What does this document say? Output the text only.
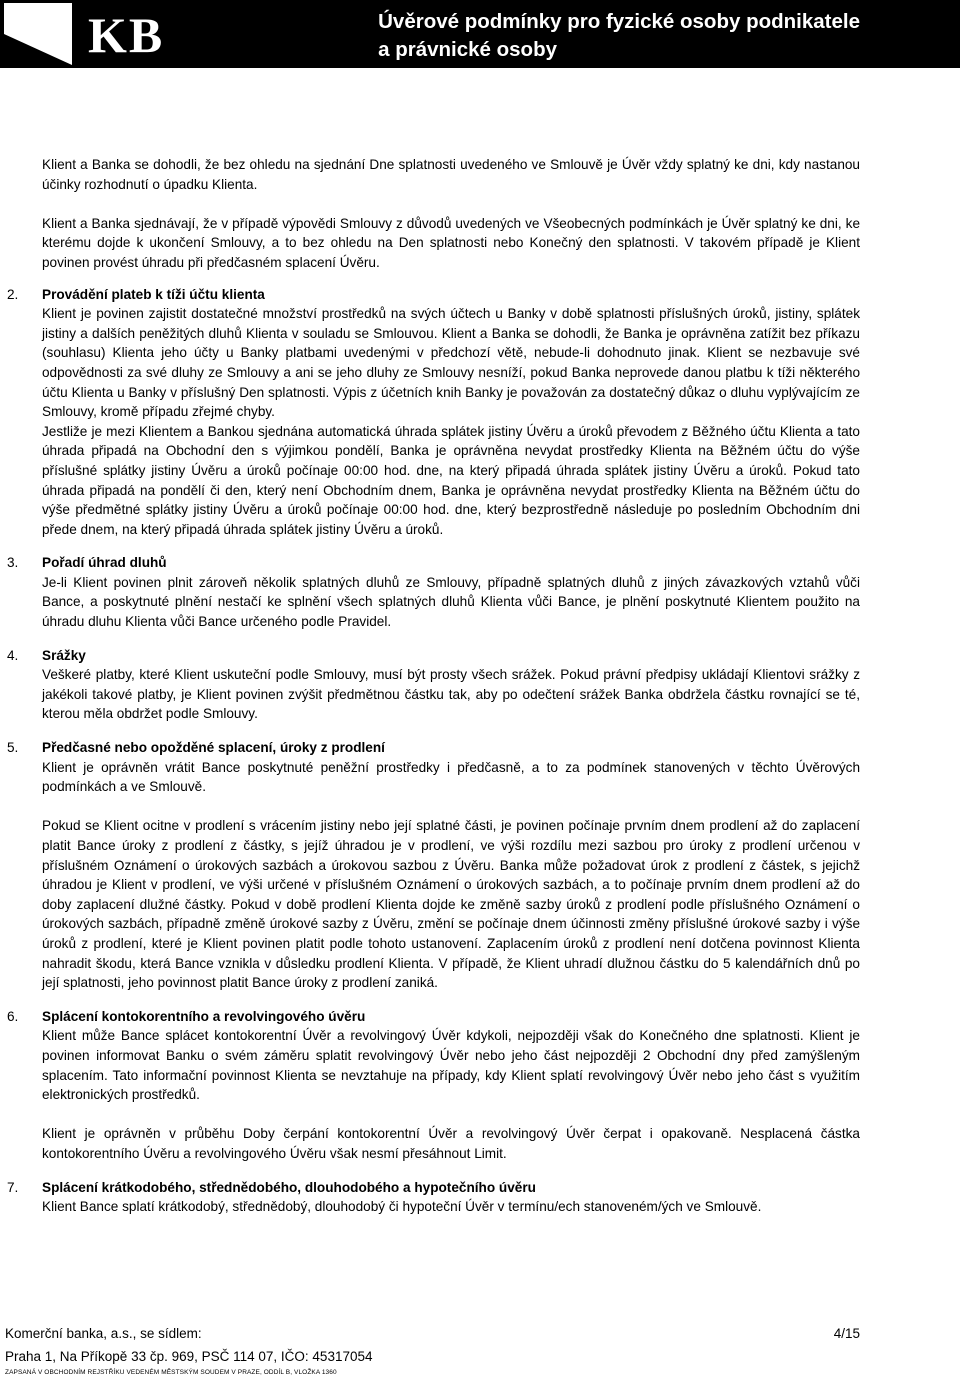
KB	Úvěrové podmínky pro fyzické osoby podnikatele
a právnické osoby

Klient a Banka se dohodli, že bez ohledu na sjednání Dne splatnosti uvedeného ve Smlouvě je Úvěr vždy splatný ke dni, kdy nastanou účinky rozhodnutí o úpadku Klienta.

Klient a Banka sjednávají, že v případě výpovědi Smlouvy z důvodů uvedených ve Všeobecných podmínkách je Úvěr splatný ke dni, ke kterému dojde k ukončení Smlouvy, a to bez ohledu na Den splatnosti nebo Konečný den splatnosti. V takovém případě je Klient povinen provést úhradu při předčasném splacení Úvěru.

2. Provádění plateb k tíži účtu klienta

Klient je povinen zajistit dostatečné množství prostředků na svých účtech u Banky v době splatnosti příslušných úroků, jistiny, splátek jistiny a dalších peněžitých dluhů Klienta v souladu se Smlouvou. Klient a Banka se dohodli, že Banka je oprávněna zatížit bez příkazu (souhlasu) Klienta jeho účty u Banky platbami uvedenými v předchozí větě, nebude-li dohodnuto jinak. Klient se nezbavuje své odpovědnosti za své dluhy ze Smlouvy a ani se jeho dluhy ze Smlouvy nesníží, pokud Banka neprovede danou platbu k tíži některého účtu Klienta u Banky v příslušný Den splatnosti. Výpis z účetních knih Banky je považován za dostatečný důkaz o dluhu vyplývajícím ze Smlouvy, kromě případu zřejmé chyby.

Jestliže je mezi Klientem a Bankou sjednána automatická úhrada splátek jistiny Úvěru a úroků převodem z Běžného účtu Klienta a tato úhrada připadá na Obchodní den s výjimkou pondělí, Banka je oprávněna nevydat prostředky Klienta na Běžném účtu do výše příslušné splátky jistiny Úvěru a úroků počínaje 00:00 hod. dne, na který připadá úhrada splátek jistiny Úvěru a úroků. Pokud tato úhrada připadá na pondělí či den, který není Obchodním dnem, Banka je oprávněna nevydat prostředky Klienta na Běžném účtu do výše předmětné splátky jistiny Úvěru a úroků počínaje 00:00 hod. dne, který bezprostředně následuje po posledním Obchodním dni přede dnem, na který připadá úhrada splátek jistiny Úvěru a úroků.

3. Pořadí úhrad dluhů

Je-li Klient povinen plnit zároveň několik splatných dluhů ze Smlouvy, případně splatných dluhů z jiných závazkových vztahů vůči Bance, a poskytnuté plnění nestačí ke splnění všech splatných dluhů Klienta vůči Bance, je plnění poskytnuté Klientem použito na úhradu dluhu Klienta vůči Bance určeného podle Pravidel.

4. Srážky

Veškeré platby, které Klient uskuteční podle Smlouvy, musí být prosty všech srážek. Pokud právní předpisy ukládají Klientovi srážky z jakékoli takové platby, je Klient povinen zvýšit předmětnou částku tak, aby po odečtení srážek Banka obdržela částku rovnající se té, kterou měla obdržet podle Smlouvy.

5. Předčasné nebo opožděné splacení, úroky z prodlení

Klient je oprávněn vrátit Bance poskytnuté peněžní prostředky i předčasně, a to za podmínek stanovených v těchto Úvěrových podmínkách a ve Smlouvě.

Pokud se Klient ocitne v prodlení s vrácením jistiny nebo její splatné části, je povinen počínaje prvním dnem prodlení až do zaplacení platit Bance úroky z prodlení z částky, s jejíž úhradou je v prodlení, ve výši rozdílu mezi sazbou pro úroky z prodlení určenou v příslušném Oznámení o úrokových sazbách a úrokovou sazbou z Úvěru. Banka může požadovat úrok z prodlení z částek, s jejichž úhradou je Klient v prodlení, ve výši určené v příslušném Oznámení o úrokových sazbách, a to počínaje prvním dnem prodlení až do doby zaplacení dlužné částky. Pokud v době prodlení Klienta dojde ke změně sazby úroků z prodlení podle příslušného Oznámení o úrokových sazbách, případně změně úrokové sazby z Úvěru, změní se počínaje dnem účinnosti změny příslušné úrokové sazby i výše úroků z prodlení, které je Klient povinen platit podle tohoto ustanovení. Zaplacením úroků z prodlení není dotčena povinnost Klienta nahradit škodu, která Bance vznikla v důsledku prodlení Klienta. V případě, že Klient uhradí dlužnou částku do 5 kalendářních dnů po její splatnosti, jeho povinnost platit Bance úroky z prodlení zaniká.

6. Splácení kontokorentního a revolvingového úvěru

Klient může Bance splácet kontokorentní Úvěr a revolvingový Úvěr kdykoli, nejpozději však do Konečného dne splatnosti. Klient je povinen informovat Banku o svém záměru splatit revolvingový Úvěr nebo jeho část nejpozději 2 Obchodní dny před zamýšleným splacením. Tato informační povinnost Klienta se nevztahuje na případy, kdy Klient splatí revolvingový Úvěr nebo jeho část s využitím elektronických prostředků.

Klient je oprávněn v průběhu Doby čerpání kontokorentní Úvěr a revolvingový Úvěr čerpat i opakovaně. Nesplacená částka kontokorentního Úvěru a revolvingového Úvěru však nesmí přesáhnout Limit.

7. Splácení krátkodobého, střednědobého, dlouhodobého a hypotečního úvěru

Klient Bance splatí krátkodobý, střednědobý, dlouhodobý či hypoteční Úvěr v termínu/ech stanoveném/ých ve Smlouvě.

Komerční banka, a.s., se sídlem:	4/15
Praha 1, Na Příkopě 33 čp. 969, PSČ 114 07, IČO: 45317054
ZAPSANÁ V OBCHODNÍM REJSTŘÍKU VEDENÉM MĚSTSKÝM SOUDEM V PRAZE, ODDÍL B, VLOŽKA 1360
